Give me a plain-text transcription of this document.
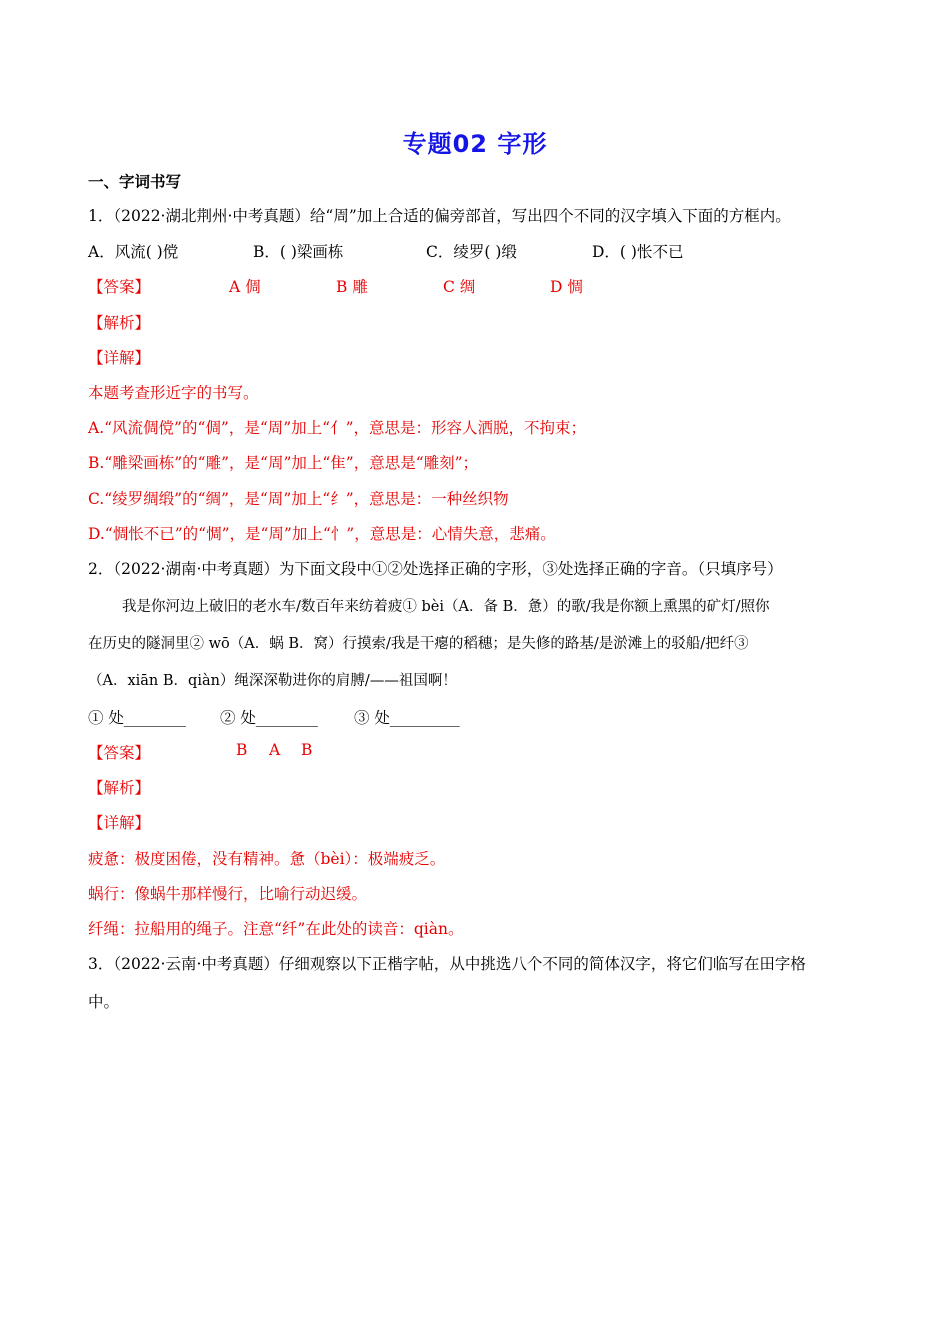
专题02 字形
一、字词书写
1．（2022·湖北荆州·中考真题）给“周”加上合适的偏旁部首，写出四个不同的汉字填入下面的方框内。
A．风流( )傥	B．( )梁画栋	C．绫罗( )缎	D．( )怅不已
【答案】	A 倜	B 雕	C 绸	D 惆
【解析】
【详解】
本题考查形近字的书写。
A.“风流倜傥”的“倜”，是“周”加上“亻”，意思是：形容人洒脱，不拘束；
B.“雕梁画栋”的“雕”，是“周”加上“隹”，意思是“雕刻”；
C.“绫罗绸缎”的“绸”，是“周”加上“纟”，意思是：一种丝织物
D.“惆怅不已”的“惆”，是“周”加上“忄”，意思是：心情失意，悲痛。
2．（2022·湖南·中考真题）为下面文段中①②处选择正确的字形，③处选择正确的字音。（只填序号）
我是你河边上破旧的老水车/数百年来纺着疲① bèi（A．备 B．惫）的歌/我是你额上熏黑的矿灯/照你
在历史的隧洞里② wō（A．蜗 B．窝）行摸索/我是干瘪的稻穗；是失修的路基/是淤滩上的驳船/把纤③
（A．xiān B．qiàn）绳深深勒进你的肩膊/——祖国啊！
① 处________ ② 处________ ③ 处_________
【答案】	B A B
【解析】
【详解】
疲惫：极度困倦，没有精神。惫（bèi）：极端疲乏。
蜗行：像蜗牛那样慢行，比喻行动迟缓。
纤绳：拉船用的绳子。注意“纤”在此处的读音：qiàn。
3．（2022·云南·中考真题）仔细观察以下正楷字帖，从中挑选八个不同的简体汉字，将它们临写在田字格
中。
